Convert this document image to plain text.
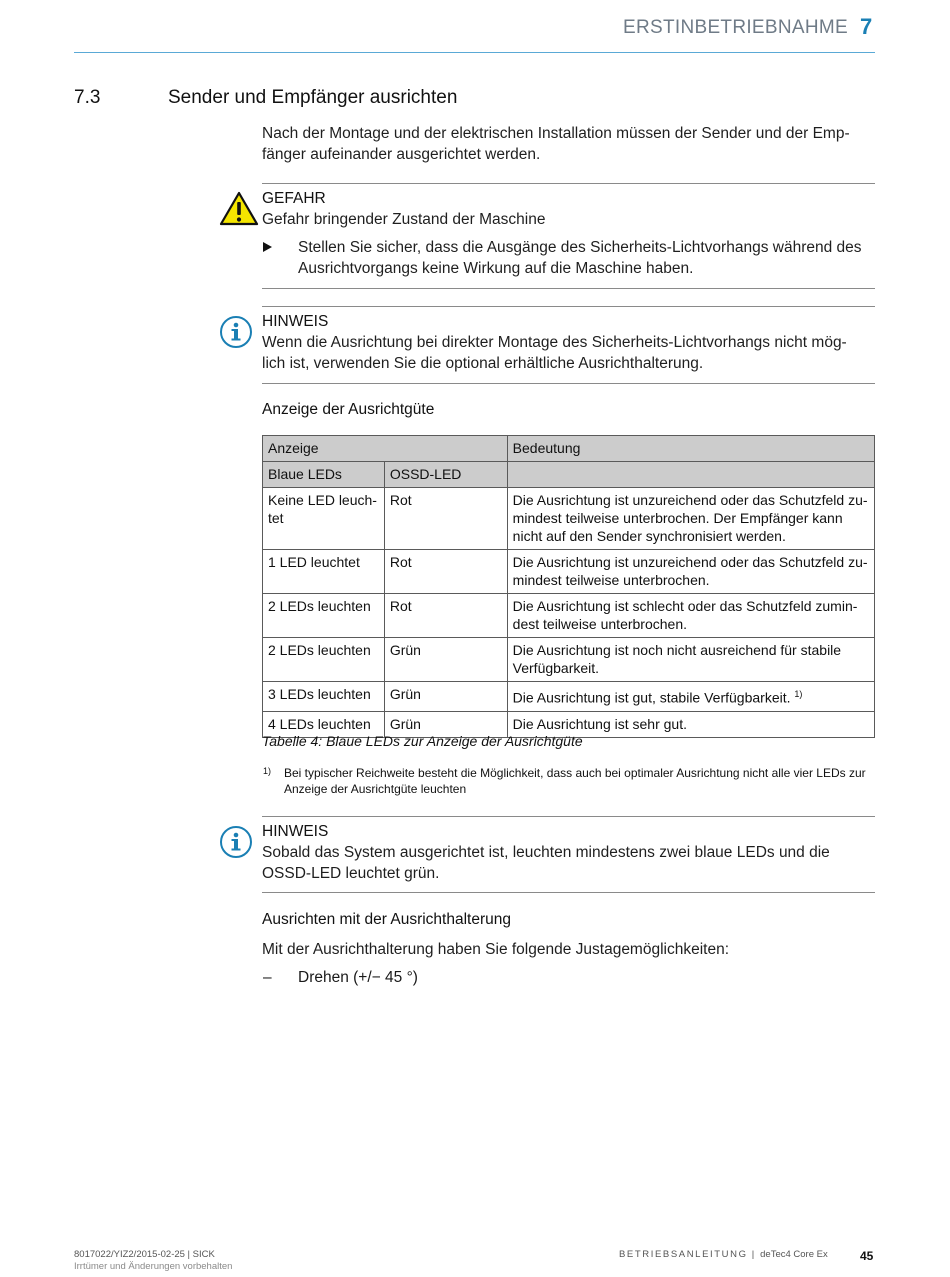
ERSTINBETRIEBNAHME 7
7.3	Sender und Empfänger ausrichten
Nach der Montage und der elektrischen Installation müssen der Sender und der Emp-
fänger aufeinander ausgerichtet werden.
GEFAHR
Gefahr bringender Zustand der Maschine
Stellen Sie sicher, dass die Ausgänge des Sicherheits-Lichtvorhangs während des
Ausrichtvorgangs keine Wirkung auf die Maschine haben.
HINWEIS
Wenn die Ausrichtung bei direkter Montage des Sicherheits-Lichtvorhangs nicht mög-
lich ist, verwenden Sie die optional erhältliche Ausrichthalterung.
Anzeige der Ausrichtgüte
Anzeige		Bedeutung
Blaue LEDs	OSSD-LED	
Keine LED leuch-tet	Rot	Die Ausrichtung ist unzureichend oder das Schutzfeld zu-mindest teilweise unterbrochen. Der Empfänger kann nicht auf den Sender synchronisiert werden.
1 LED leuchtet	Rot	Die Ausrichtung ist unzureichend oder das Schutzfeld zu-mindest teilweise unterbrochen.
2 LEDs leuchten	Rot	Die Ausrichtung ist schlecht oder das Schutzfeld zumin-dest teilweise unterbrochen.
2 LEDs leuchten	Grün	Die Ausrichtung ist noch nicht ausreichend für stabile Verfügbarkeit.
3 LEDs leuchten	Grün	Die Ausrichtung ist gut, stabile Verfügbarkeit. $^{1)}$
4 LEDs leuchten	Grün	Die Ausrichtung ist sehr gut.
Tabelle 4: Blaue LEDs zur Anzeige der Ausrichtgüte
1) Bei typischer Reichweite besteht die Möglichkeit, dass auch bei optimaler Ausrichtung nicht alle vier LEDs zur Anzeige der Ausrichtgüte leuchten
HINWEIS
Sobald das System ausgerichtet ist, leuchten mindestens zwei blaue LEDs und die
OSSD-LED leuchtet grün.
Ausrichten mit der Ausrichthalterung
Mit der Ausrichthalterung haben Sie folgende Justagemöglichkeiten:
– Drehen (+/− 45 °)
8017022/YIZ2/2015-02-25 | SICK
Irrtümer und Änderungen vorbehalten
BETRIEBSANLEITUNG | deTec4 Core Ex	45
